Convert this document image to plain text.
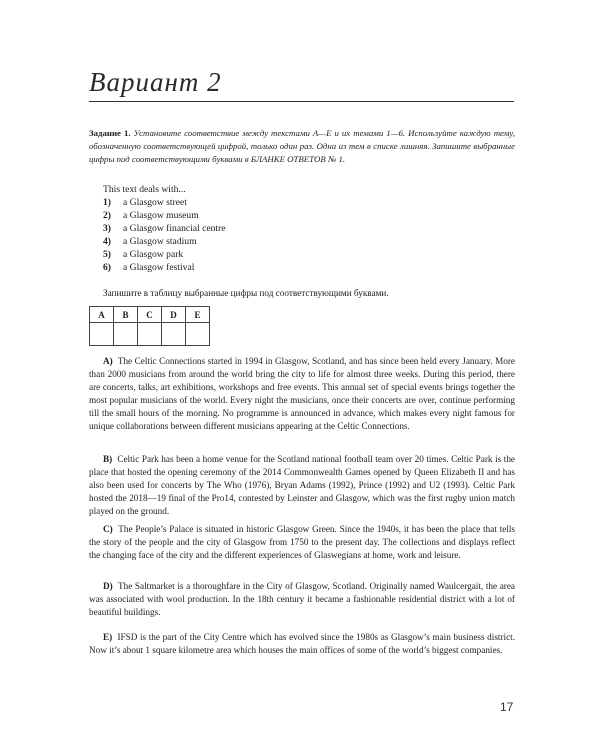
Вариант 2
Задание 1. Установите соответствие между текстами A—E и их темами 1—6. Используйте каждую тему, обозначенную соответствующей цифрой, только один раз. Одна из тем в списке лишняя. Запишите выбранные цифры под соответствующими буквами в БЛАНКЕ ОТВЕТОВ № 1.
This text deals with...
1)	a Glasgow street
2)	a Glasgow museum
3)	a Glasgow financial centre
4)	a Glasgow stadium
5)	a Glasgow park
6)	a Glasgow festival
Запишите в таблицу выбранные цифры под соответствующими буквами.
A	B	C	D	E

A) The Celtic Connections started in 1994 in Glasgow, Scotland, and has since been held every January. More than 2000 musicians from around the world bring the city to life for almost three weeks. During this period, there are concerts, talks, art exhibitions, workshops and free events. This annual set of special events brings together the most popular musicians of the world. Every night the musicians, once their concerts are over, continue performing till the small hours of the morning. No programme is announced in advance, which makes every night famous for unique collaborations between different musicians appearing at the Celtic Connections.

B) Celtic Park has been a home venue for the Scotland national football team over 20 times. Celtic Park is the place that hosted the opening ceremony of the 2014 Commonwealth Games opened by Queen Elizabeth II and has also been used for concerts by The Who (1976), Bryan Adams (1992), Prince (1992) and U2 (1993). Celtic Park hosted the 2018—19 final of the Pro14, contested by Leinster and Glasgow, which was the first rugby union match played on the ground.

C) The People’s Palace is situated in historic Glasgow Green. Since the 1940s, it has been the place that tells the story of the people and the city of Glasgow from 1750 to the present day. The collections and displays reflect the changing face of the city and the different experiences of Glaswegians at home, work and leisure.

D) The Saltmarket is a thoroughfare in the City of Glasgow, Scotland. Originally named Waulcergait, the area was associated with wool production. In the 18th century it became a fashionable residential district with a lot of beautiful buildings.

E) IFSD is the part of the City Centre which has evolved since the 1980s as Glasgow’s main business district. Now it’s about 1 square kilometre area which houses the main offices of some of the world’s biggest companies.

17
